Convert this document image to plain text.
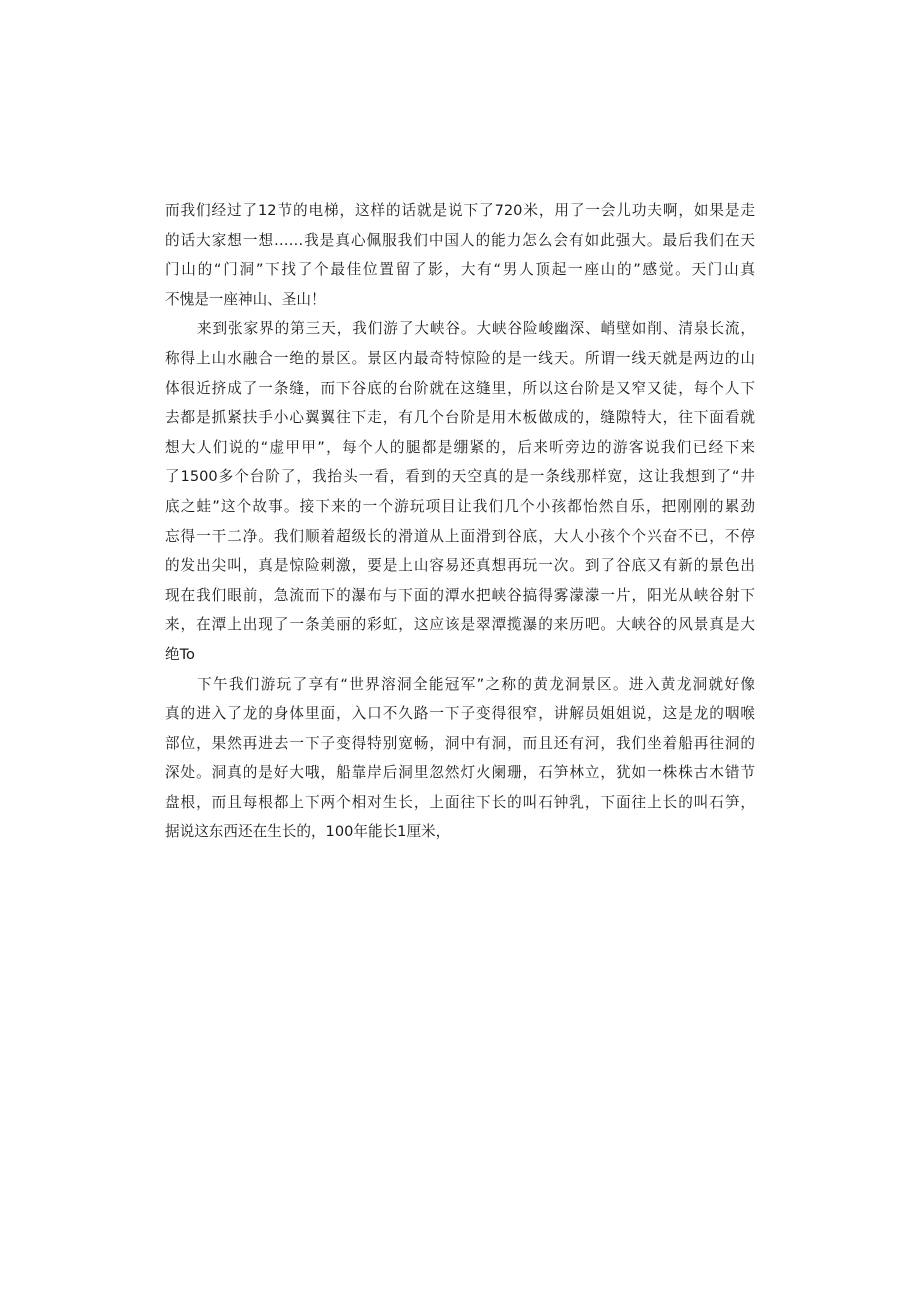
而我们经过了12节的电梯，这样的话就是说下了720米，用了一会儿功夫啊，如果是走
的话大家想一想……我是真心佩服我们中国人的能力怎么会有如此强大。最后我们在天
门山的“门洞”下找了个最佳位置留了影，大有“男人顶起一座山的”感觉。天门山真
不愧是一座神山、圣山！
来到张家界的第三天，我们游了大峡谷。大峡谷险峻幽深、峭壁如削、清泉长流，
称得上山水融合一绝的景区。景区内最奇特惊险的是一线天。所谓一线天就是两边的山
体很近挤成了一条缝，而下谷底的台阶就在这缝里，所以这台阶是又窄又徒，每个人下
去都是抓紧扶手小心翼翼往下走，有几个台阶是用木板做成的，缝隙特大，往下面看就
想大人们说的“虚甲甲”，每个人的腿都是绷紧的，后来听旁边的游客说我们已经下来
了1500多个台阶了，我抬头一看，看到的天空真的是一条线那样宽，这让我想到了“井
底之蛙”这个故事。接下来的一个游玩项目让我们几个小孩都怡然自乐，把刚刚的累劲
忘得一干二净。我们顺着超级长的滑道从上面滑到谷底，大人小孩个个兴奋不已，不停
的发出尖叫，真是惊险刺激，要是上山容易还真想再玩一次。到了谷底又有新的景色出
现在我们眼前，急流而下的瀑布与下面的潭水把峡谷搞得雾濛濛一片，阳光从峡谷射下
来，在潭上出现了一条美丽的彩虹，这应该是翠潭揽瀑的来历吧。大峡谷的风景真是大
绝To
下午我们游玩了享有“世界溶洞全能冠军”之称的黄龙洞景区。进入黄龙洞就好像
真的进入了龙的身体里面，入口不久路一下子变得很窄，讲解员姐姐说，这是龙的咽喉
部位，果然再进去一下子变得特别宽畅，洞中有洞，而且还有河，我们坐着船再往洞的
深处。洞真的是好大哦，船靠岸后洞里忽然灯火阑珊，石笋林立，犹如一株株古木错节
盘根，而且每根都上下两个相对生长，上面往下长的叫石钟乳，下面往上长的叫石笋，
据说这东西还在生长的，100年能长1厘米，
